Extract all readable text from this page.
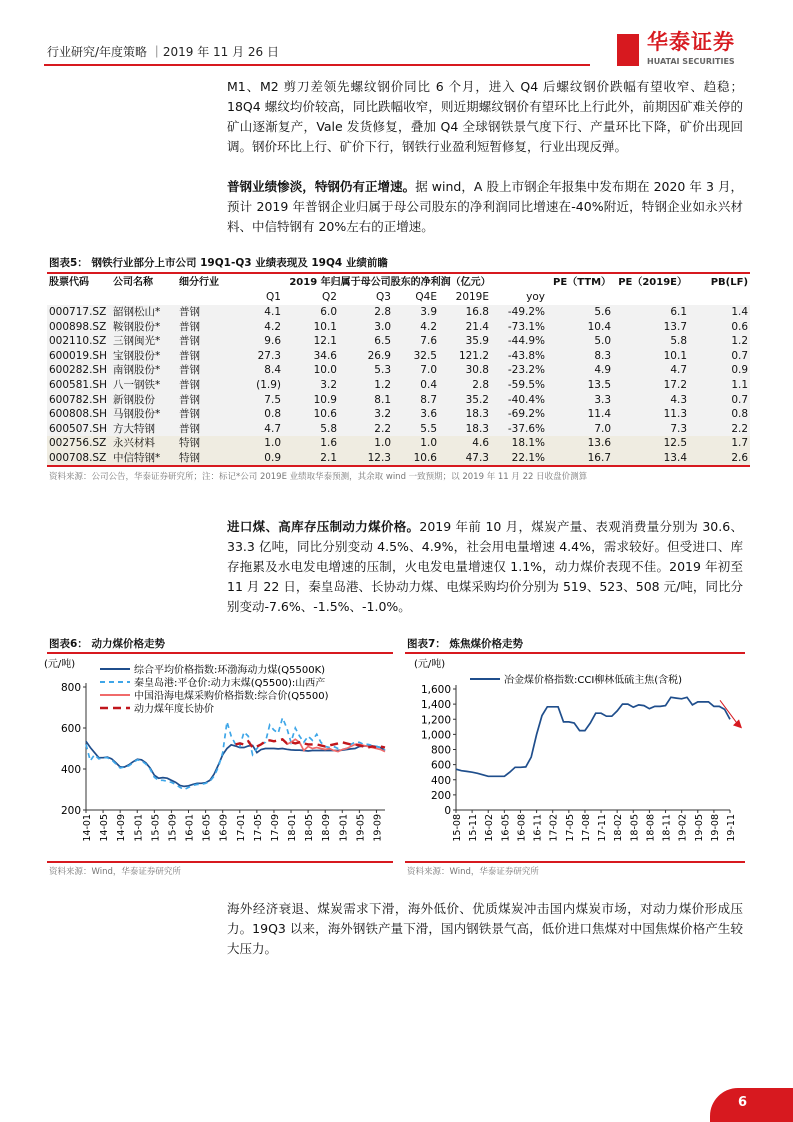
行业研究/年度策略 ｜2019 年 11 月 26 日	华泰证券
HUATAI SECURITIES

M1、M2 剪刀差领先螺纹钢价同比 6 个月，进入 Q4 后螺纹钢价跌幅有望收窄、趋稳；18Q4 螺纹均价较高，同比跌幅收窄，则近期螺纹钢价有望环比上行此外，前期因矿难关停的矿山逐渐复产，Vale 发货修复，叠加 Q4 全球钢铁景气度下行、产量环比下降，矿价出现回调。钢价环比上行、矿价下行，钢铁行业盈利短暂修复，行业出现反弹。

普钢业绩惨淡，特钢仍有正增速。据 wind，A 股上市钢企年报集中发布期在 2020 年 3 月，预计 2019 年普钢企业归属于母公司股东的净利润同比增速在-40%附近，特钢企业如永兴材料、中信特钢有 20%左右的正增速。

图表5： 钢铁行业部分上市公司 19Q1-Q3 业绩表现及 19Q4 业绩前瞻
股票代码	公司名称	细分行业	2019 年归属于母公司股东的净利润（亿元）						PE（TTM）	PE（2019E）	PB(LF)
			Q1	Q2	Q3	Q4E	2019E	yoy			
000717.SZ	韶钢松山*	普钢	4.1	6.0	2.8	3.9	16.8	-49.2%	5.6	6.1	1.4
000898.SZ	鞍钢股份*	普钢	4.2	10.1	3.0	4.2	21.4	-73.1%	10.4	13.7	0.6
002110.SZ	三钢闽光*	普钢	9.6	12.1	6.5	7.6	35.9	-44.9%	5.0	5.8	1.2
600019.SH	宝钢股份*	普钢	27.3	34.6	26.9	32.5	121.2	-43.8%	8.3	10.1	0.7
600282.SH	南钢股份*	普钢	8.4	10.0	5.3	7.0	30.8	-23.2%	4.9	4.7	0.9
600581.SH	八一钢铁*	普钢	(1.9)	3.2	1.2	0.4	2.8	-59.5%	13.5	17.2	1.1
600782.SH	新钢股份	普钢	7.5	10.9	8.1	8.7	35.2	-40.4%	3.3	4.3	0.7
600808.SH	马钢股份*	普钢	0.8	10.6	3.2	3.6	18.3	-69.2%	11.4	11.3	0.8
600507.SH	方大特钢	普钢	4.7	5.8	2.2	5.5	18.3	-37.6%	7.0	7.3	2.2
002756.SZ	永兴材料	特钢	1.0	1.6	1.0	1.0	4.6	18.1%	13.6	12.5	1.7
000708.SZ	中信特钢*	特钢	0.9	2.1	12.3	10.6	47.3	22.1%	16.7	13.4	2.6
资料来源：公司公告，华泰证券研究所；注：标记*公司 2019E 业绩取华泰预测，其余取 wind 一致预期；以 2019 年 11 月 22 日收盘价测算

进口煤、高库存压制动力煤价格。2019 年前 10 月，煤炭产量、表观消费量分别为 30.6、33.3 亿吨，同比分别变动 4.5%、4.9%，社会用电量增速 4.4%，需求较好。但受进口、库存拖累及水电发电增速的压制，火电发电量增速仅 1.1%，动力煤价表现不佳。2019 年初至 11 月 22 日，秦皇岛港、长协动力煤、电煤采购均价分别为 519、523、508 元/吨，同比分别变动-7.6%、-1.5%、-1.0%。

图表6： 动力煤价格走势
(元/吨)
200
400
600
800
14-01 14-05 14-09 15-01 15-05 15-09 16-01 16-05 16-09 17-01 17-05 17-09 18-01 18-05 18-09 19-01 19-05 19-09
综合平均价格指数:环渤海动力煤(Q5500K)
秦皇岛港:平仓价:动力末煤(Q5500):山西产
中国沿海电煤采购价格指数:综合价(Q5500)
动力煤年度长协价
资料来源：Wind，华泰证券研究所
图表7： 炼焦煤价格走势
(元/吨)
0
200
400
600
800
1,000
1,200
1,400
1,600
15-08 15-11 16-02 16-05 16-08 16-11 17-02 17-05 17-08 17-11 18-02 18-05 18-08 18-11 19-02 19-05 19-08 19-11
冶金煤价格指数:CCI柳林低硫主焦(含税)
资料来源：Wind，华泰证券研究所

海外经济衰退、煤炭需求下滑，海外低价、优质煤炭冲击国内煤炭市场，对动力煤价形成压力。19Q3 以来，海外钢铁产量下滑，国内钢铁景气高，低价进口焦煤对中国焦煤价格产生较大压力。

6
